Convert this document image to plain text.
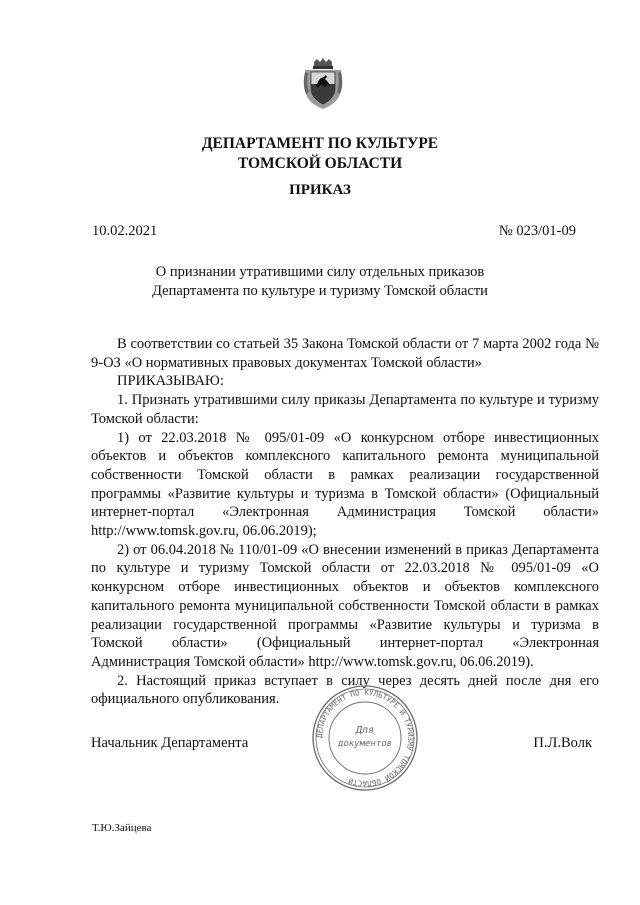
ДЕПАРТАМЕНТ ПО КУЛЬТУРЕ
ТОМСКОЙ ОБЛАСТИ
ПРИКАЗ
10.02.2021	№ 023/01-09
О признании утратившими силу отдельных приказов
Департамента по культуре и туризму Томской области

В соответствии со статьей 35 Закона Томской области от 7 марта 2002 года № 9-ОЗ «О нормативных правовых документах Томской области»

ПРИКАЗЫВАЮ:

1. Признать утратившими силу приказы Департамента по культуре и туризму Томской области:

1) от 22.03.2018 № 095/01-09 «О конкурсном отборе инвестиционных объектов и объектов комплексного капитального ремонта муниципальной собственности Томской области в рамках реализации государственной программы «Развитие культуры и туризма в Томской области» (Официальный интернет-портал «Электронная Администрация Томской области» http://www.tomsk.gov.ru, 06.06.2019);

2) от 06.04.2018 № 110/01-09 «О внесении изменений в приказ Департамента по культуре и туризму Томской области от 22.03.2018 № 095/01-09 «О конкурсном отборе инвестиционных объектов и объектов комплексного капитального ремонта муниципальной собственности Томской области в рамках реализации государственной программы «Развитие культуры и туризма в Томской области» (Официальный интернет-портал «Электронная Администрация Томской области» http://www.tomsk.gov.ru, 06.06.2019).

2. Настоящий приказ вступает в силу через десять дней после дня его официального опубликования.

ДЕПАРТАМЕНТ ПО КУЛЬТУРЕ И ТУРИЗМУ ТОМСКОЙ ОБЛАСТИ
Для
документов
Начальник Департамента	П.Л.Волк
Т.Ю.Зайцева
